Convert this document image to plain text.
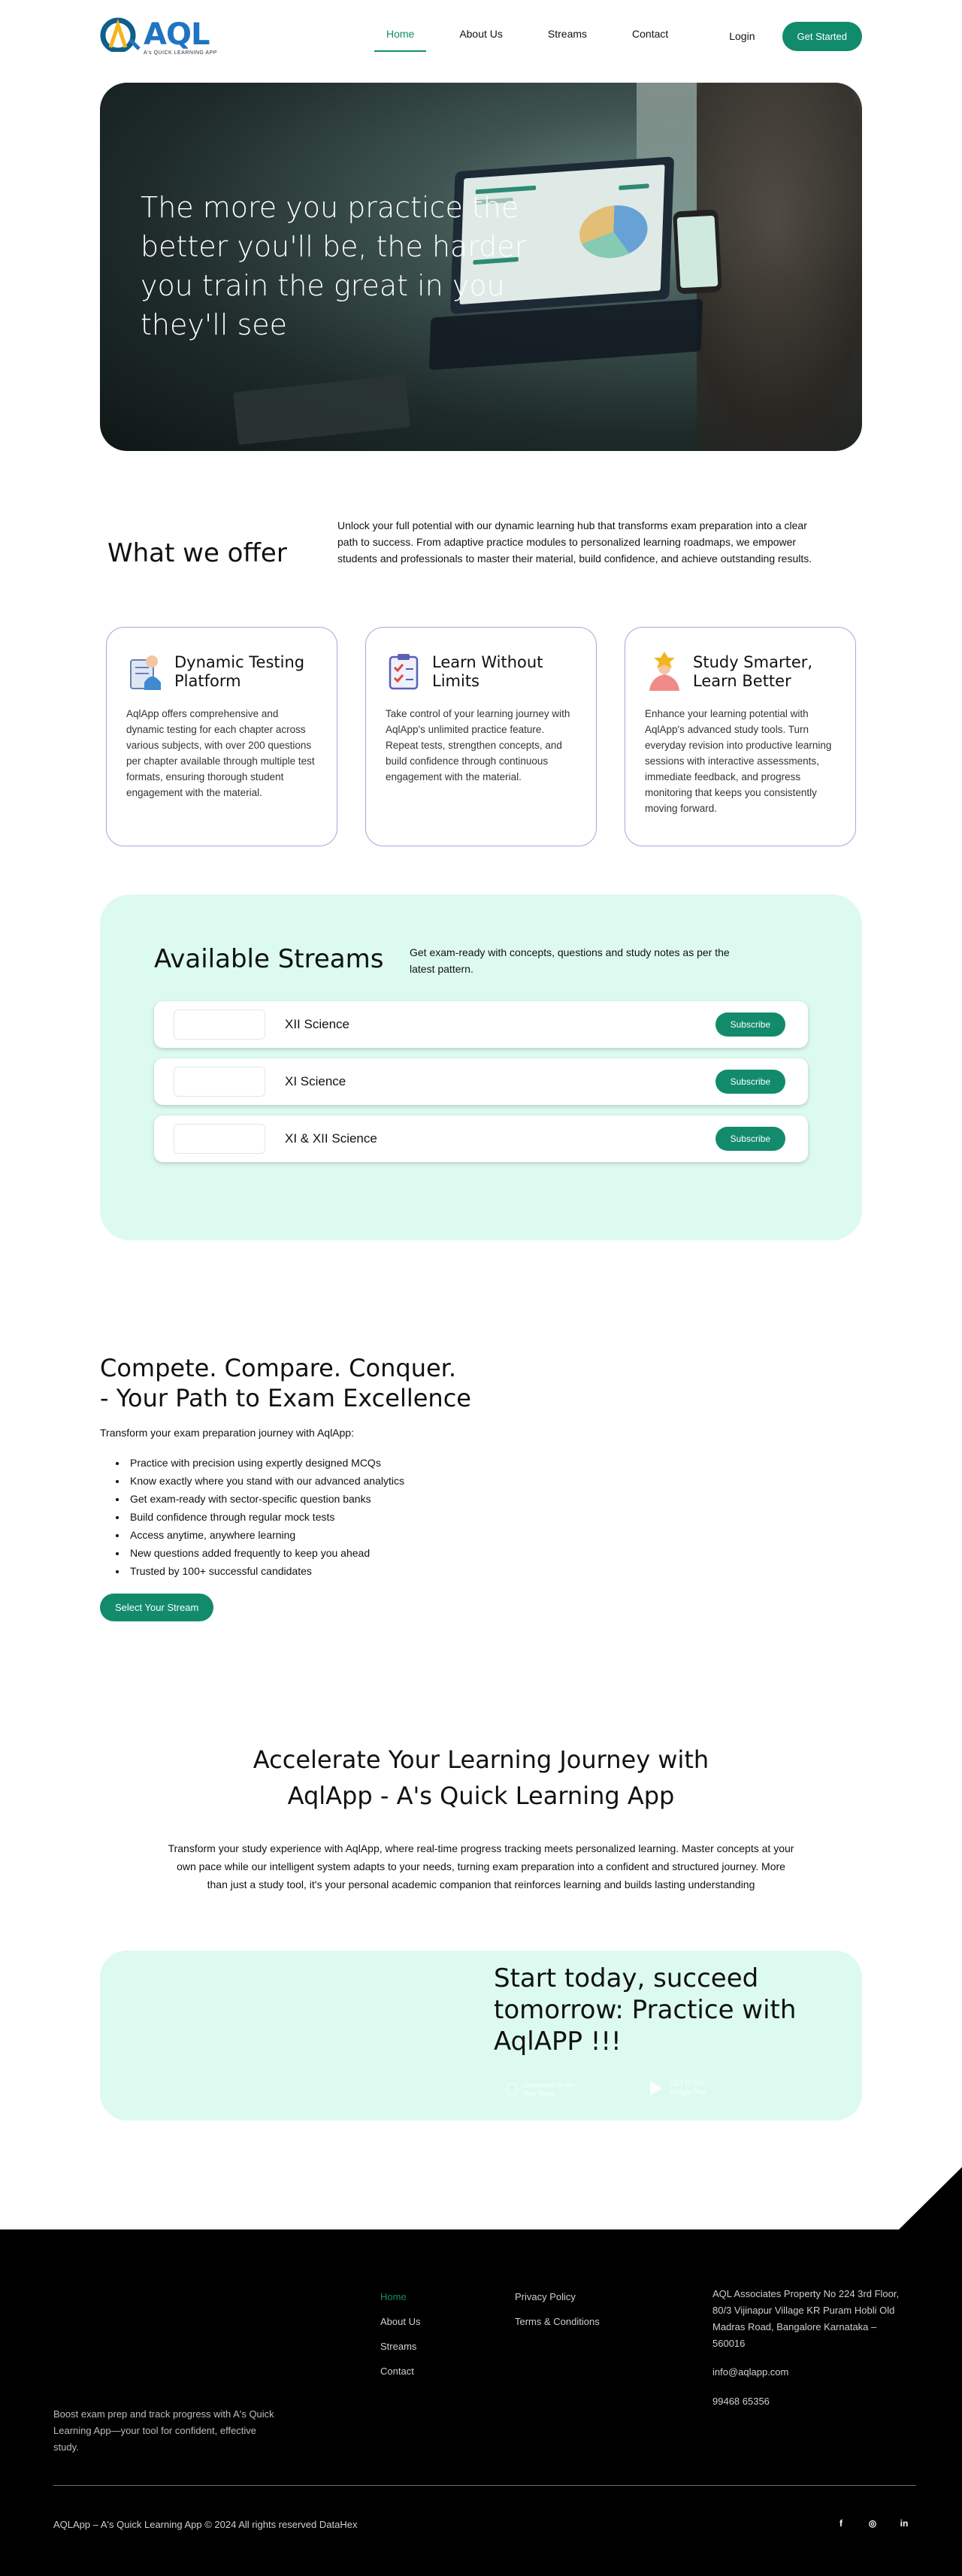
AQL
A's QUICK LEARNING APP
Home	About Us	Streams	Contact	Login	Get Started
The more you practice the better you'll be, the harder you train the great in you they'll see
What we offer

Unlock your full potential with our dynamic learning hub that transforms exam preparation into a clear path to success. From adaptive practice modules to personalized learning roadmaps, we empower students and professionals to master their material, build confidence, and achieve outstanding results.

Dynamic Testing Platform

AqlApp offers comprehensive and dynamic testing for each chapter across various subjects, with over 200 questions per chapter available through multiple test formats, ensuring thorough student engagement with the material.

Learn Without Limits

Take control of your learning journey with AqlApp's unlimited practice feature. Repeat tests, strengthen concepts, and build confidence through continuous engagement with the material.

Study Smarter, Learn Better

Enhance your learning potential with AqlApp's advanced study tools. Turn everyday revision into productive learning sessions with interactive assessments, immediate feedback, and progress monitoring that keeps you consistently moving forward.

Available Streams	Get exam-ready with concepts, questions and study notes as per the latest pattern.

XII Science	Subscribe
XI Science	Subscribe
XI & XII Science	Subscribe
Compete. Compare. Conquer.
- Your Path to Exam Excellence

Transform your exam preparation journey with AqlApp:

• Practice with precision using expertly designed MCQs
• Know exactly where you stand with our advanced analytics
• Get exam-ready with sector-specific question banks
• Build confidence through regular mock tests
• Access anytime, anywhere learning
• New questions added frequently to keep you ahead
• Trusted by 100+ successful candidates
Select Your Stream
Accelerate Your Learning Journey with
AqlApp - A's Quick Learning App

Transform your study experience with AqlApp, where real-time progress tracking meets personalized learning. Master concepts at your own pace while our intelligent system adapts to your needs, turning exam preparation into a confident and structured journey. More than just a study tool, it's your personal academic companion that reinforces learning and builds lasting understanding

Start today, succeed tomorrow: Practice with AqlAPP !!!
Download on the
App Store
GET IT ON
Google Play

Boost exam prep and track progress with A's Quick Learning App—your tool for confident, effective study.

Home
About Us
Streams
Contact
Privacy Policy
Terms & Conditions

AQL Associates Property No 224 3rd Floor, 80/3 Vijinapur Village KR Puram Hobli Old Madras Road, Bangalore Karnataka – 560016

info@aqlapp.com
99468 65356

AQLApp – A's Quick Learning App © 2024 All rights reserved DataHex	f	◎	in
